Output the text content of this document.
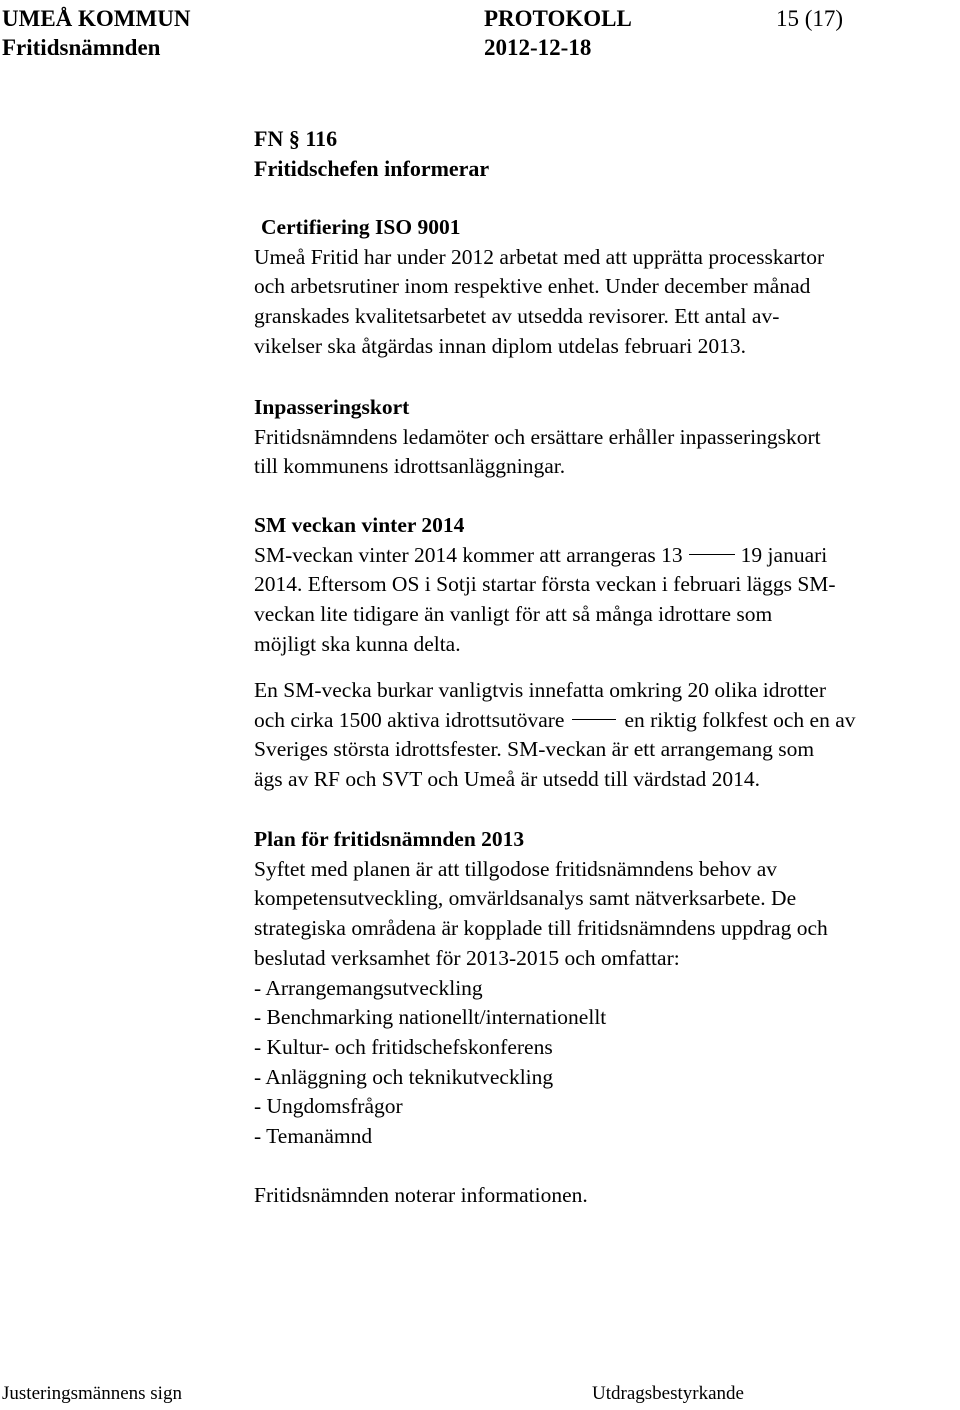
UMEÅ KOMMUN	PROTOKOLL	15 (17)
Fritidsnämnden	2012-12-18
FN § 116
Fritidschefen informerar
Certifiering ISO 9001
Umeå Fritid har under 2012 arbetat med att upprätta processkartor
och arbetsrutiner inom respektive enhet. Under december månad
granskades kvalitetsarbetet av utsedda revisorer. Ett antal av-
vikelser ska åtgärdas innan diplom utdelas februari 2013.
Inpasseringskort
Fritidsnämndens ledamöter och ersättare erhåller inpasseringskort
till kommunens idrottsanläggningar.
SM veckan vinter 2014
SM-veckan vinter 2014 kommer att arrangeras 13	19 januari
2014. Eftersom OS i Sotji startar första veckan i februari läggs SM-
veckan lite tidigare än vanligt för att så många idrottare som
möjligt ska kunna delta.
En SM-vecka burkar vanligtvis innefatta omkring 20 olika idrotter
och cirka 1500 aktiva idrottsutövare	en riktig folkfest och en av
Sveriges största idrottsfester. SM-veckan är ett arrangemang som
ägs av RF och SVT och Umeå är utsedd till värdstad 2014.
Plan för fritidsnämnden 2013
Syftet med planen är att tillgodose fritidsnämndens behov av
kompetensutveckling, omvärldsanalys samt nätverksarbete. De
strategiska områdena är kopplade till fritidsnämndens uppdrag och
beslutad verksamhet för 2013-2015 och omfattar:
- Arrangemangsutveckling
- Benchmarking nationellt/internationellt
- Kultur- och fritidschefskonferens
- Anläggning och teknikutveckling
- Ungdomsfrågor
- Temanämnd
Fritidsnämnden noterar informationen.
Justeringsmännens sign	Utdragsbestyrkande
